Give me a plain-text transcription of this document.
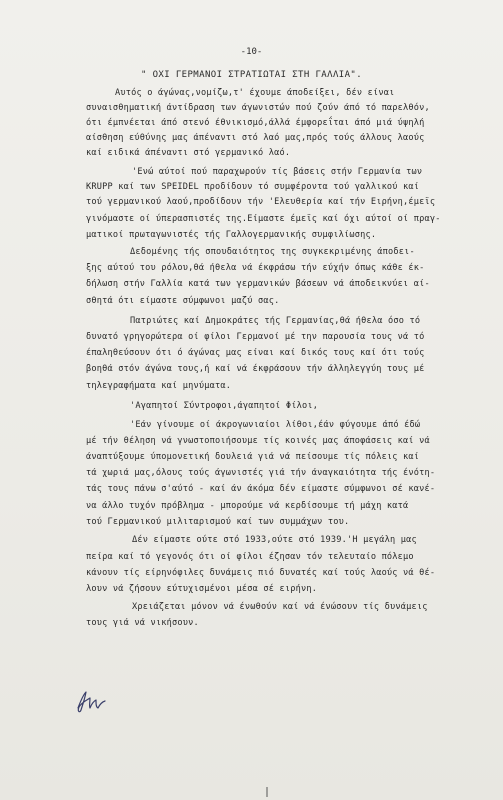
-10-
" ΟΧΙ ΓΕΡΜΑΝΟΙ ΣΤΡΑΤΙΩΤΑΙ ΣΤΗ ΓΑΛΛΙΑ".
Αυτός ο άγώνας,νομίζω,τ' έχουμε άποδείξει, δέν είναι
συναισθηματική άντίδραση των άγωνιστών πού ζούν άπό τό παρελθόν,
ότι έμπνέεται άπό στενό έθνικισμό,άλλά έμφορεΐται άπό μιά ύψηλή
αίσθηση εύθύνης μας άπέναντι στό λαό μας,πρός τούς άλλους λαούς
καί ειδικά άπέναντι στό γερμανικό λαό.
'Ενώ αύτοί πού παραχωρούν τίς βάσεις στήν Γερμανία των
KRUPP καί των SPEIDEL προδίδουν τό συμφέροντα τού γαλλικού καί
τού γερμανικού λαού,προδίδουν τήν 'Ελευθερία καί τήν Ειρήνη,έμεϊς
γινόμαστε οί ύπερασπιστές της.Είμαστε έμεϊς καί όχι αύτοί οί πραγ-
ματικοί πρωταγωνιστές τής Γαλλογερμανικής συμφιλίωσης.
Δεδομένης τής σπουδαιότητος της συγκεκριμένης άποδει-
ξης αύτού του ρόλου,θά ήθελα νά έκφράσω τήν εύχήν όπως κάθε έκ-
δήλωση στήν Γαλλία κατά των γερμανικών βάσεων νά άποδεικνύει αί-
σθητά ότι είμαστε σύμφωνοι μαζύ σας.
Πατριώτες καί Δημοκράτες τής Γερμανίας,θά ήθελα όσο τό
δυνατό γρηγορώτερα οί φίλοι Γερμανοί μέ την παρουσία τους νά τό
έπαληθεύσουν ότι ό άγώνας μας είναι καί δικός τους καί ότι τούς
βοηθά στόν άγώνα τους,ή καί νά έκφράσουν τήν άλληλεγγύη τους μέ
τηλεγραφήματα καί μηνύματα.
'Αγαπητοί Σύντροφοι,άγαπητοί Φίλοι,
'Εάν γίνουμε οί άκρογωνιαίοι λίθοι,έάν φύγουμε άπό έδώ
μέ τήν θέληση νά γνωστοποιήσουμε τίς κοινές μας άποφάσεις καί νά
άναπτύξουμε ύπομονετική δουλειά γιά νά πείσουμε τίς πόλεις καί
τά χωριά μας,όλους τούς άγωνιστές γιά τήν άναγκαιότητα τής ένότη-
τάς τους πάνω σ'αύτό - καί άν άκόμα δέν είμαστε σύμφωνοι σέ κανέ-
να άλλο τυχόν πρόβλημα - μπορούμε νά κερδίσουμε τή μάχη κατά
τού Γερμανικού μιλιταρισμού καί των συμμάχων του.
Δέν είμαστε ούτε στό 1933,ούτε στό 1939.'Η μεγάλη μας
πείρα καί τό γεγονός ότι οί φίλοι έζησαν τόν τελευταίο πόλεμο
κάνουν τίς είρηνόφιλες δυνάμεις πιό δυνατές καί τούς λαούς νά θέ-
λουν νά ζήσουν εύτυχισμένοι μέσα σέ ειρήνη.
Χρειάζεται μόνον νά ένωθούν καί νά ένώσουν τίς δυνάμεις
τους γιά νά νικήσουν.
